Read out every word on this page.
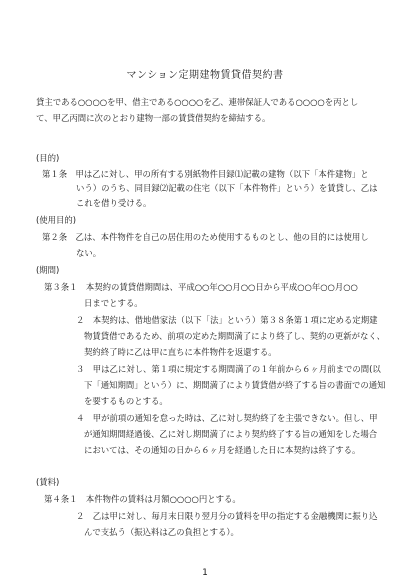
マンション定期建物賃貸借契約書
貸主である○○○○を甲、借主である○○○○を乙、連帯保証人である○○○○を丙とし
て、甲乙丙間に次のとおり建物一部の賃貸借契約を締結する。
(目的)
第１条　甲は乙に対し、甲の所有する別紙物件目録⑴記載の建物（以下「本件建物」と
いう）のうち、同目録⑵記載の住宅（以下「本件物件」という）を賃貸し、乙は
これを借り受ける。
(使用目的)
第２条　乙は、本件物件を自己の居住用のため使用するものとし、他の目的には使用し
ない。
(期間)
第３条１　本契約の賃貸借期間は、平成○○年○○月○○日から平成○○年○○月○○
日までとする。
２　本契約は、借地借家法（以下「法」という）第３８条第１項に定める定期建
物賃貸借であるため、前項の定めた期間満了により終了し、契約の更新がなく、
契約終了時に乙は甲に直ちに本件物件を返還する。
３　甲は乙に対し、第１項に規定する期間満了の１年前から６ヶ月前までの間(以
下「通知期間」という）に、期間満了により賃貸借が終了する旨の書面での通知
を要するものとする。
４　甲が前項の通知を怠った時は、乙に対し契約終了を主張できない。但し、甲
が通知期間経過後、乙に対し期間満了により契約終了する旨の通知をした場合
においては、その通知の日から６ヶ月を経過した日に本契約は終了する。
(賃料)
第４条１　本件物件の賃料は月額○○○○円とする。
２　乙は甲に対し、毎月末日限り翌月分の賃料を甲の指定する金融機関に振り込
んで支払う（振込料は乙の負担とする）。
1
